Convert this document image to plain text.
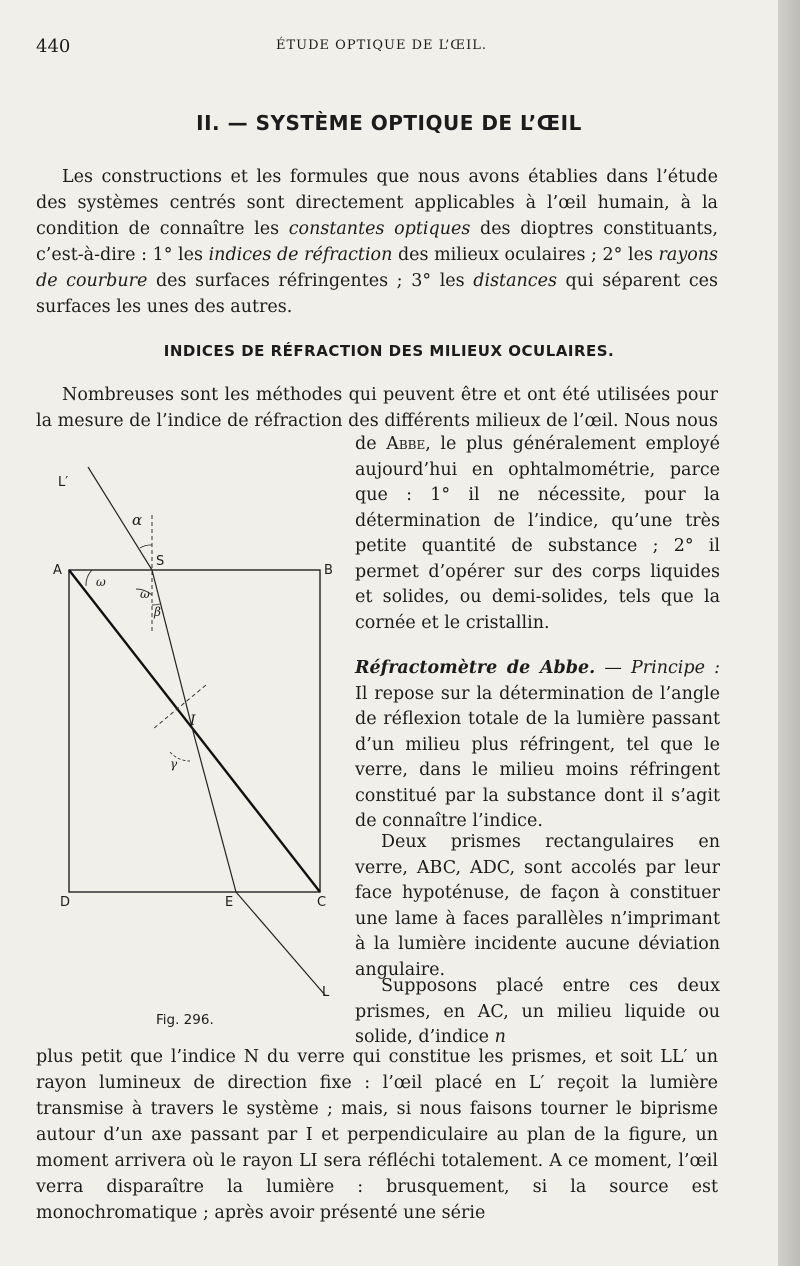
440	ÉTUDE OPTIQUE DE L’ŒIL.
II. — SYSTÈME OPTIQUE DE L’ŒIL
Les constructions et les formules que nous avons établies dans l’étude des systèmes centrés sont directement applicables à l’œil humain, à la condition de connaître les constantes optiques des dioptres constituants, c’est-à-dire : 1° les indices de réfraction des milieux oculaires ; 2° les rayons de courbure des surfaces réfringentes ; 3° les distances qui séparent ces surfaces les unes des autres.
INDICES DE RÉFRACTION DES MILIEUX OCULAIRES.
Nombreuses sont les méthodes qui peuvent être et ont été utilisées pour la mesure de l’indice de réfraction des différents milieux de l’œil. Nous nous
L′
α
A
S
B
ω
ω
β
I
γ
D	E	C
L
Fig. 296.
de Abbe, le plus généralement employé aujourd’hui en ophtalmométrie, parce que : 1° il ne nécessite, pour la détermination de l’indice, qu’une très petite quantité de substance ; 2° il permet d’opérer sur des corps liquides et solides, ou demi-solides, tels que la cornée et le cristallin.
Réfractomètre de Abbe. — Principe : Il repose sur la détermination de l’angle de réflexion totale de la lumière passant d’un milieu plus réfringent, tel que le verre, dans le milieu moins réfringent constitué par la substance dont il s’agit de connaître l’indice.
Deux prismes rectangulaires en verre, ABC, ADC, sont accolés par leur face hypoténuse, de façon à constituer une lame à faces parallèles n’imprimant à la lumière incidente aucune déviation angulaire.
Supposons placé entre ces deux prismes, en AC, un milieu liquide ou solide, d’indice n
plus petit que l’indice N du verre qui constitue les prismes, et soit LL′ un rayon lumineux de direction fixe : l’œil placé en L′ reçoit la lumière transmise à travers le système ; mais, si nous faisons tourner le biprisme autour d’un axe passant par I et perpendiculaire au plan de la figure, un moment arrivera où le rayon LI sera réfléchi totalement. A ce moment, l’œil verra disparaître la lumière : brusquement, si la source est monochromatique ; après avoir présenté une série
